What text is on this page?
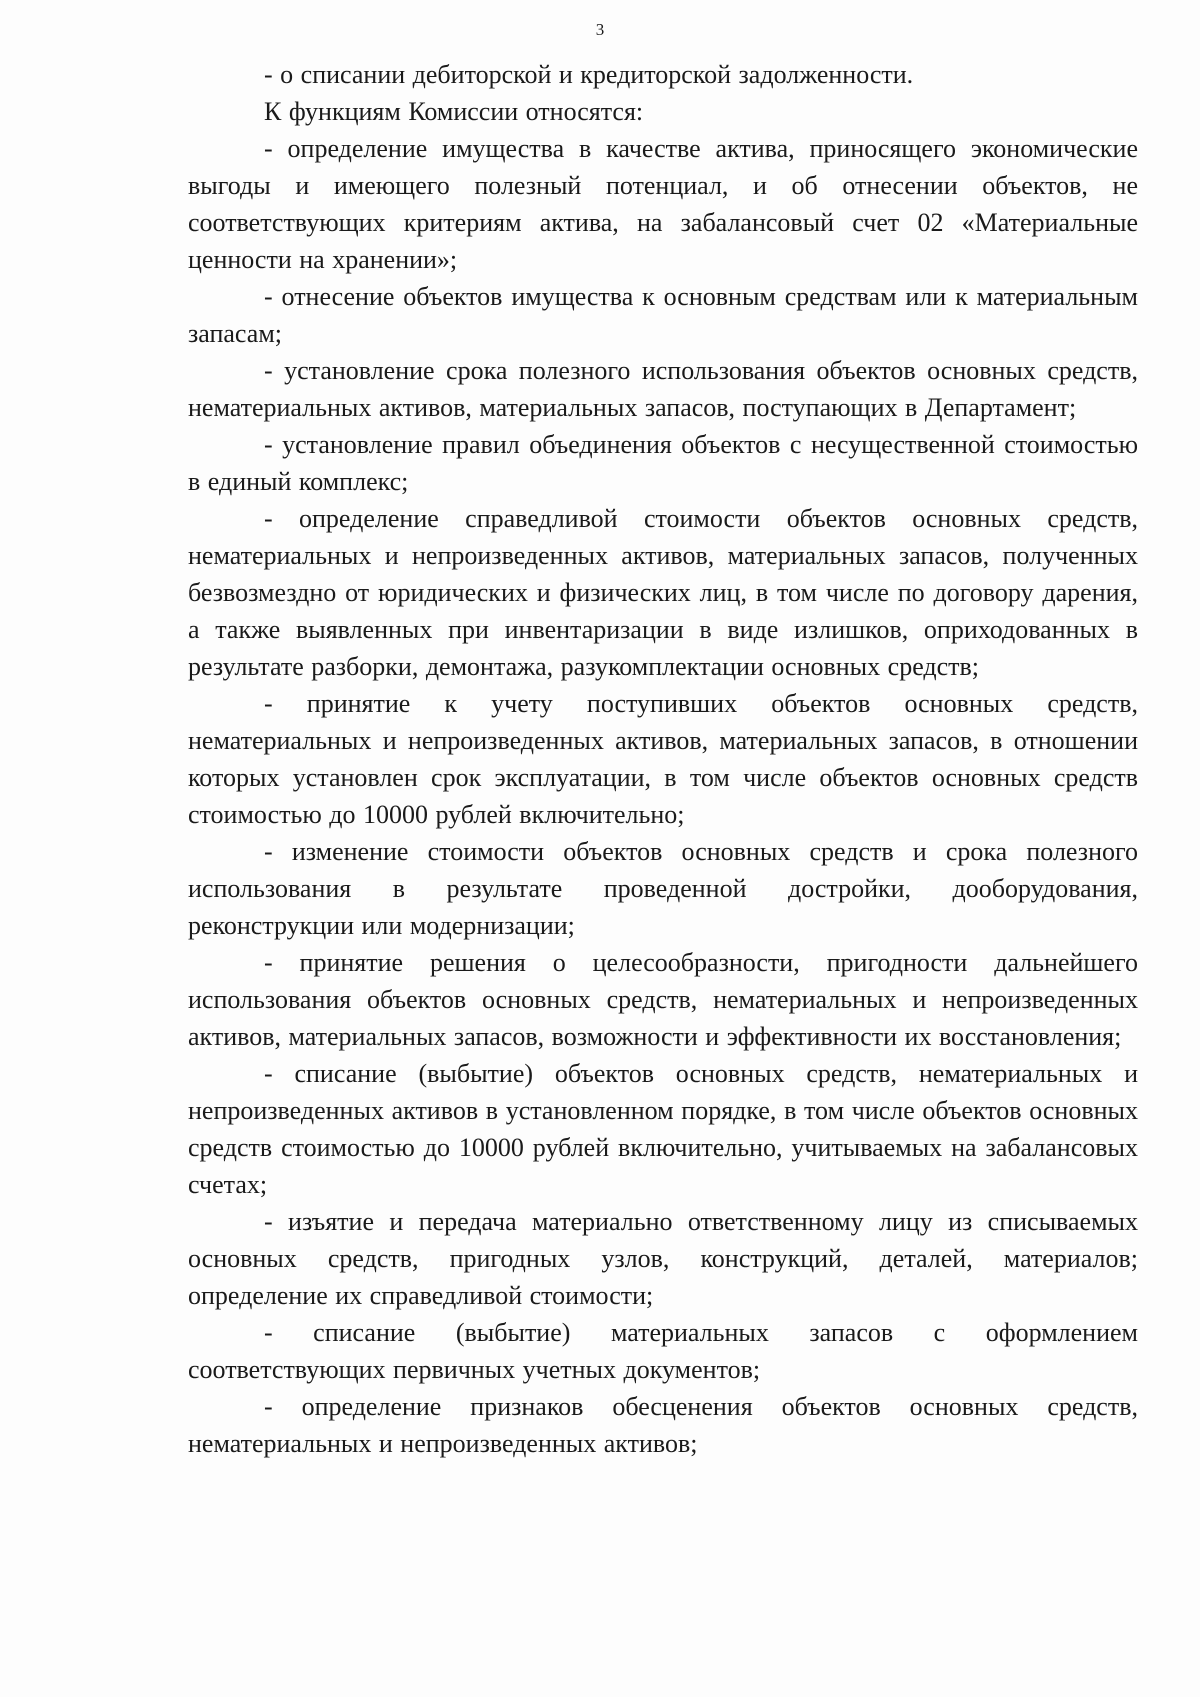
3

- о списании дебиторской и кредиторской задолженности.

К функциям Комиссии относятся:

- определение имущества в качестве актива, приносящего экономические выгоды и имеющего полезный потенциал, и об отнесении объектов, не соответствующих критериям актива, на забалансовый счет 02 «Материальные ценности на хранении»;

- отнесение объектов имущества к основным средствам или к материальным запасам;

- установление срока полезного использования объектов основных средств, нематериальных активов, материальных запасов, поступающих в Департамент;

- установление правил объединения объектов с несущественной стоимостью в единый комплекс;

- определение справедливой стоимости объектов основных средств, нематериальных и непроизведенных активов, материальных запасов, полученных безвозмездно от юридических и физических лиц, в том числе по договору дарения, а также выявленных при инвентаризации в виде излишков, оприходованных в результате разборки, демонтажа, разукомплектации основных средств;

- принятие к учету поступивших объектов основных средств, нематериальных и непроизведенных активов, материальных запасов, в отношении которых установлен срок эксплуатации, в том числе объектов основных средств стоимостью до 10000 рублей включительно;

- изменение стоимости объектов основных средств и срока полезного использования в результате проведенной достройки, дооборудования, реконструкции или модернизации;

- принятие решения о целесообразности, пригодности дальнейшего использования объектов основных средств, нематериальных и непроизведенных активов, материальных запасов, возможности и эффективности их восстановления;

- списание (выбытие) объектов основных средств, нематериальных и непроизведенных активов в установленном порядке, в том числе объектов основных средств стоимостью до 10000 рублей включительно, учитываемых на забалансовых счетах;

- изъятие и передача материально ответственному лицу из списываемых основных средств, пригодных узлов, конструкций, деталей, материалов; определение их справедливой стоимости;

- списание (выбытие) материальных запасов с оформлением соответствующих первичных учетных документов;

- определение признаков обесценения объектов основных средств, нематериальных и непроизведенных активов;
